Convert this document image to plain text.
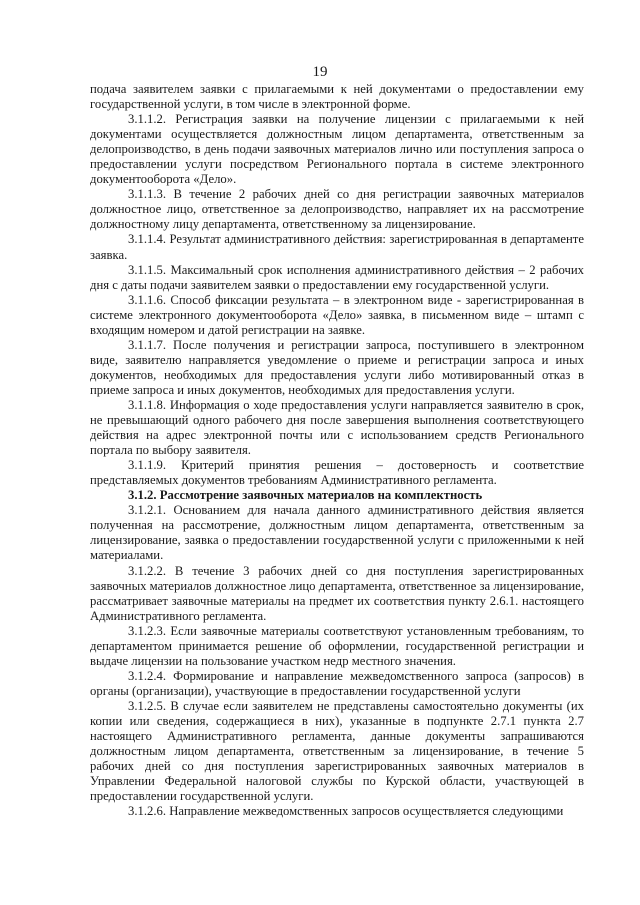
19

подача заявителем заявки с прилагаемыми к ней документами о предоставлении ему государственной услуги, в том числе в электронной форме.

3.1.1.2. Регистрация заявки на получение лицензии с прилагаемыми к ней документами осуществляется должностным лицом департамента, ответственным за делопроизводство, в день подачи заявочных материалов лично или поступления запроса о предоставлении услуги посредством Регионального портала в системе электронного документооборота «Дело».

3.1.1.3. В течение 2 рабочих дней со дня регистрации заявочных материалов должностное лицо, ответственное за делопроизводство, направляет их на рассмотрение должностному лицу департамента, ответственному за лицензирование.

3.1.1.4. Результат административного действия: зарегистрированная в департаменте заявка.

3.1.1.5. Максимальный срок исполнения административного действия – 2 рабочих дня с даты подачи заявителем заявки о предоставлении ему государственной услуги.

3.1.1.6. Способ фиксации результата – в электронном виде - зарегистрированная в системе электронного документооборота «Дело» заявка, в письменном виде – штамп с входящим номером и датой регистрации на заявке.

3.1.1.7. После получения и регистрации запроса, поступившего в электронном виде, заявителю направляется уведомление о приеме и регистрации запроса и иных документов, необходимых для предоставления услуги либо мотивированный отказ в приеме запроса и иных документов, необходимых для предоставления услуги.

3.1.1.8. Информация о ходе предоставления услуги направляется заявителю в срок, не превышающий одного рабочего дня после завершения выполнения соответствующего действия на адрес электронной почты или с использованием средств Регионального портала по выбору заявителя.

3.1.1.9. Критерий принятия решения – достоверность и соответствие представляемых документов требованиям Административного регламента.

3.1.2. Рассмотрение заявочных материалов на комплектность

3.1.2.1. Основанием для начала данного административного действия является полученная на рассмотрение, должностным лицом департамента, ответственным за лицензирование, заявка о предоставлении государственной услуги с приложенными к ней материалами.

3.1.2.2. В течение 3 рабочих дней со дня поступления зарегистрированных заявочных материалов должностное лицо департамента, ответственное за лицензирование, рассматривает заявочные материалы на предмет их соответствия пункту 2.6.1. настоящего Административного регламента.

3.1.2.3. Если заявочные материалы соответствуют установленным требованиям, то департаментом принимается решение об оформлении, государственной регистрации и выдаче лицензии на пользование участком недр местного значения.

3.1.2.4. Формирование и направление межведомственного запроса (запросов) в органы (организации), участвующие в предоставлении государственной услуги

3.1.2.5. В случае если заявителем не представлены самостоятельно документы (их копии или сведения, содержащиеся в них), указанные в подпункте 2.7.1 пункта 2.7 настоящего Административного регламента, данные документы запрашиваются должностным лицом департамента, ответственным за лицензирование, в течение 5 рабочих дней со дня поступления зарегистрированных заявочных материалов в Управлении Федеральной налоговой службы по Курской области, участвующей в предоставлении государственной услуги.

3.1.2.6. Направление межведомственных запросов осуществляется следующими
